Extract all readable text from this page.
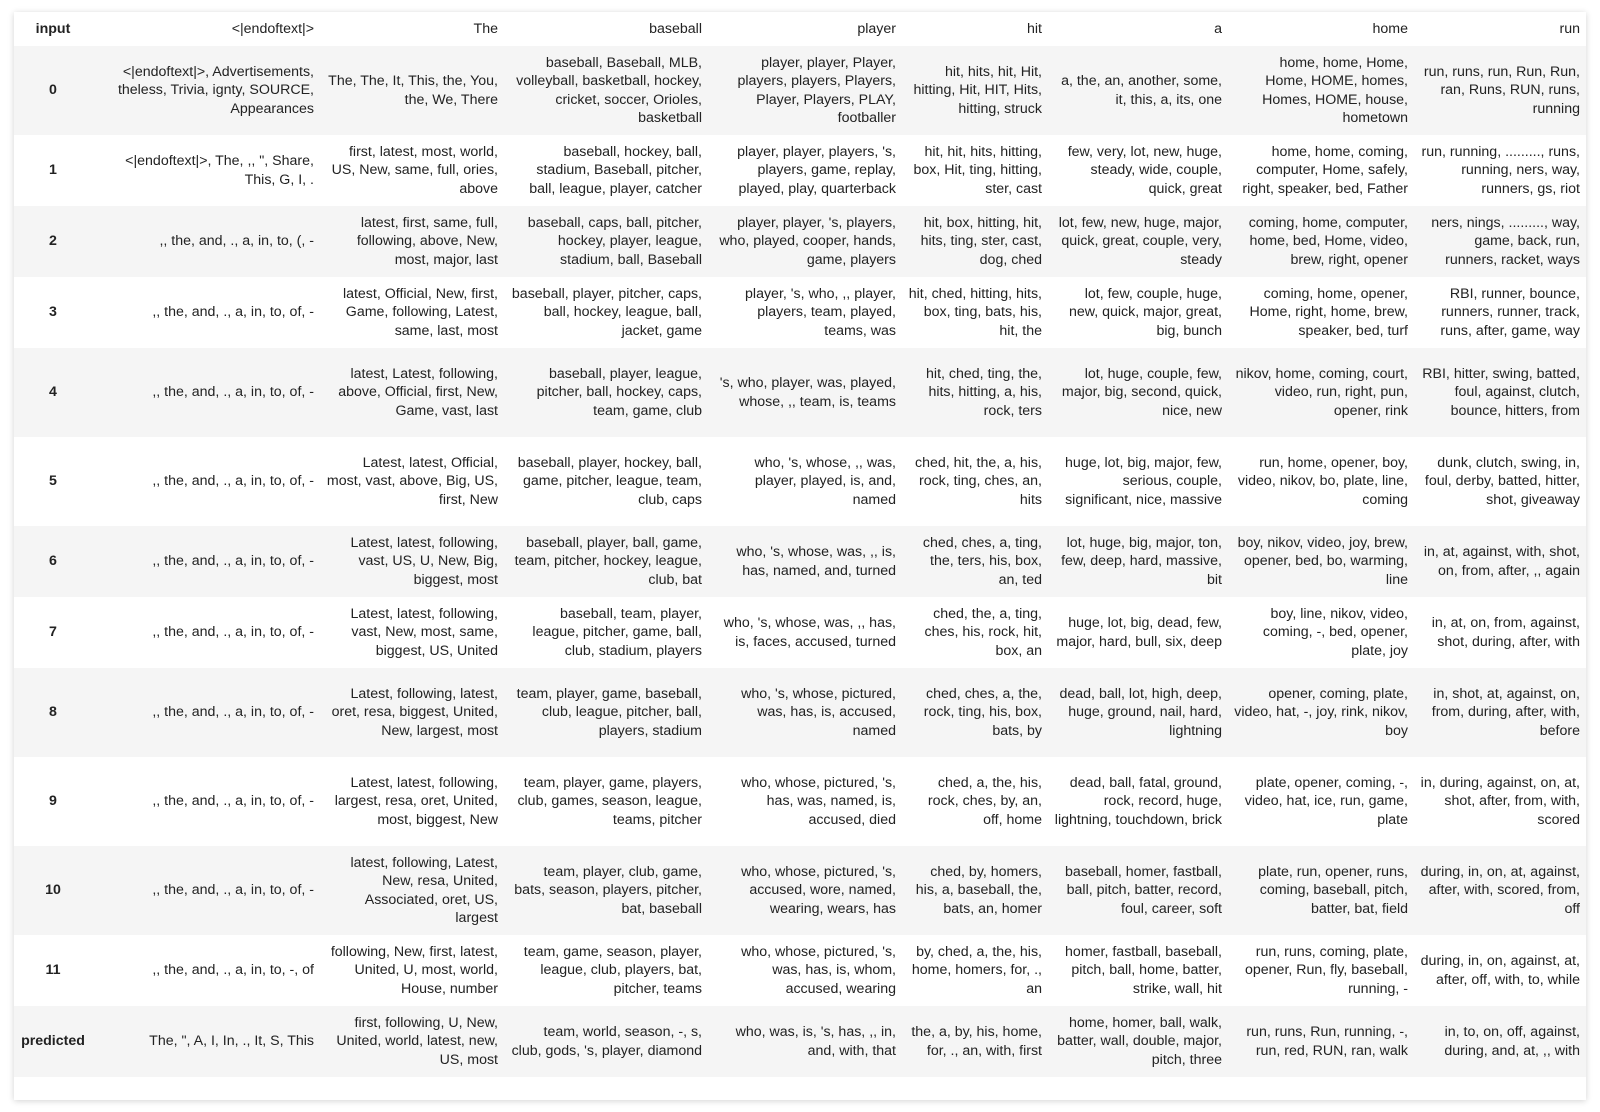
input	<|endoftext|>	The	baseball	player	hit	a	home	run
0	<|endoftext|>, Advertisements, theless, Trivia, ignty, SOURCE, Appearances	The, The, It, This, the, You, the, We, There	baseball, Baseball, MLB, volleyball, basketball, hockey, cricket, soccer, Orioles, basketball	player, player, Player, players, players, Players, Player, Players, PLAY, footballer	hit, hits, hit, Hit, hitting, Hit, HIT, Hits, hitting, struck	a, the, an, another, some, it, this, a, its, one	home, home, Home, Home, HOME, homes, Homes, HOME, house, hometown	run, runs, run, Run, Run, ran, Runs, RUN, runs, running
1	<|endoftext|>, The, ,, ", Share, This, G, I, .	first, latest, most, world, US, New, same, full, ories, above	baseball, hockey, ball, stadium, Baseball, pitcher, ball, league, player, catcher	player, player, players, 's, players, game, replay, played, play, quarterback	hit, hit, hits, hitting, box, Hit, ting, hitting, ster, cast	few, very, lot, new, huge, steady, wide, couple, quick, great	home, home, coming, computer, Home, safely, right, speaker, bed, Father	run, running, ........., runs, running, ners, way, runners, gs, riot
2	,, the, and, ., a, in, to, (, -	latest, first, same, full, following, above, New, most, major, last	baseball, caps, ball, pitcher, hockey, player, league, stadium, ball, Baseball	player, player, 's, players, who, played, cooper, hands, game, players	hit, box, hitting, hit, hits, ting, ster, cast, dog, ched	lot, few, new, huge, major, quick, great, couple, very, steady	coming, home, computer, home, bed, Home, video, brew, right, opener	ners, nings, ........., way, game, back, run, runners, racket, ways
3	,, the, and, ., a, in, to, of, -	latest, Official, New, first, Game, following, Latest, same, last, most	baseball, player, pitcher, caps, ball, hockey, league, ball, jacket, game	player, 's, who, ,, player, players, team, played, teams, was	hit, ched, hitting, hits, box, ting, bats, his, hit, the	lot, few, couple, huge, new, quick, major, great, big, bunch	coming, home, opener, Home, right, home, brew, speaker, bed, turf	RBI, runner, bounce, runners, runner, track, runs, after, game, way
4	,, the, and, ., a, in, to, of, -	latest, Latest, following, above, Official, first, New, Game, vast, last	baseball, player, league, pitcher, ball, hockey, caps, team, game, club	's, who, player, was, played, whose, ,, team, is, teams	hit, ched, ting, the, hits, hitting, a, his, rock, ters	lot, huge, couple, few, major, big, second, quick, nice, new	nikov, home, coming, court, video, run, right, pun, opener, rink	RBI, hitter, swing, batted, foul, against, clutch, bounce, hitters, from
5	,, the, and, ., a, in, to, of, -	Latest, latest, Official, most, vast, above, Big, US, first, New	baseball, player, hockey, ball, game, pitcher, league, team, club, caps	who, 's, whose, ,, was, player, played, is, and, named	ched, hit, the, a, his, rock, ting, ches, an, hits	huge, lot, big, major, few, serious, couple, significant, nice, massive	run, home, opener, boy, video, nikov, bo, plate, line, coming	dunk, clutch, swing, in, foul, derby, batted, hitter, shot, giveaway
6	,, the, and, ., a, in, to, of, -	Latest, latest, following, vast, US, U, New, Big, biggest, most	baseball, player, ball, game, team, pitcher, hockey, league, club, bat	who, 's, whose, was, ,, is, has, named, and, turned	ched, ches, a, ting, the, ters, his, box, an, ted	lot, huge, big, major, ton, few, deep, hard, massive, bit	boy, nikov, video, joy, brew, opener, bed, bo, warming, line	in, at, against, with, shot, on, from, after, ,, again
7	,, the, and, ., a, in, to, of, -	Latest, latest, following, vast, New, most, same, biggest, US, United	baseball, team, player, league, pitcher, game, ball, club, stadium, players	who, 's, whose, was, ,, has, is, faces, accused, turned	ched, the, a, ting, ches, his, rock, hit, box, an	huge, lot, big, dead, few, major, hard, bull, six, deep	boy, line, nikov, video, coming, -, bed, opener, plate, joy	in, at, on, from, against, shot, during, after, with
8	,, the, and, ., a, in, to, of, -	Latest, following, latest, oret, resa, biggest, United, New, largest, most	team, player, game, baseball, club, league, pitcher, ball, players, stadium	who, 's, whose, pictured, was, has, is, accused, named	ched, ches, a, the, rock, ting, his, box, bats, by	dead, ball, lot, high, deep, huge, ground, nail, hard, lightning	opener, coming, plate, video, hat, -, joy, rink, nikov, boy	in, shot, at, against, on, from, during, after, with, before
9	,, the, and, ., a, in, to, of, -	Latest, latest, following, largest, resa, oret, United, most, biggest, New	team, player, game, players, club, games, season, league, teams, pitcher	who, whose, pictured, 's, has, was, named, is, accused, died	ched, a, the, his, rock, ches, by, an, off, home	dead, ball, fatal, ground, rock, record, huge, lightning, touchdown, brick	plate, opener, coming, -, video, hat, ice, run, game, plate	in, during, against, on, at, shot, after, from, with, scored
10	,, the, and, ., a, in, to, of, -	latest, following, Latest, New, resa, United, Associated, oret, US, largest	team, player, club, game, bats, season, players, pitcher, bat, baseball	who, whose, pictured, 's, accused, wore, named, wearing, wears, has	ched, by, homers, his, a, baseball, the, bats, an, homer	baseball, homer, fastball, ball, pitch, batter, record, foul, career, soft	plate, run, opener, runs, coming, baseball, pitch, batter, bat, field	during, in, on, at, against, after, with, scored, from, off
11	,, the, and, ., a, in, to, -, of	following, New, first, latest, United, U, most, world, House, number	team, game, season, player, league, club, players, bat, pitcher, teams	who, whose, pictured, 's, was, has, is, whom, accused, wearing	by, ched, a, the, his, home, homers, for, ., an	homer, fastball, baseball, pitch, ball, home, batter, strike, wall, hit	run, runs, coming, plate, opener, Run, fly, baseball, running, -	during, in, on, against, at, after, off, with, to, while
predicted	The, ", A, I, In, ., It, S, This	first, following, U, New, United, world, latest, new, US, most	team, world, season, -, s, club, gods, 's, player, diamond	who, was, is, 's, has, ,, in, and, with, that	the, a, by, his, home, for, ., an, with, first	home, homer, ball, walk, batter, wall, double, major, pitch, three	run, runs, Run, running, -, run, red, RUN, ran, walk	in, to, on, off, against, during, and, at, ,, with
